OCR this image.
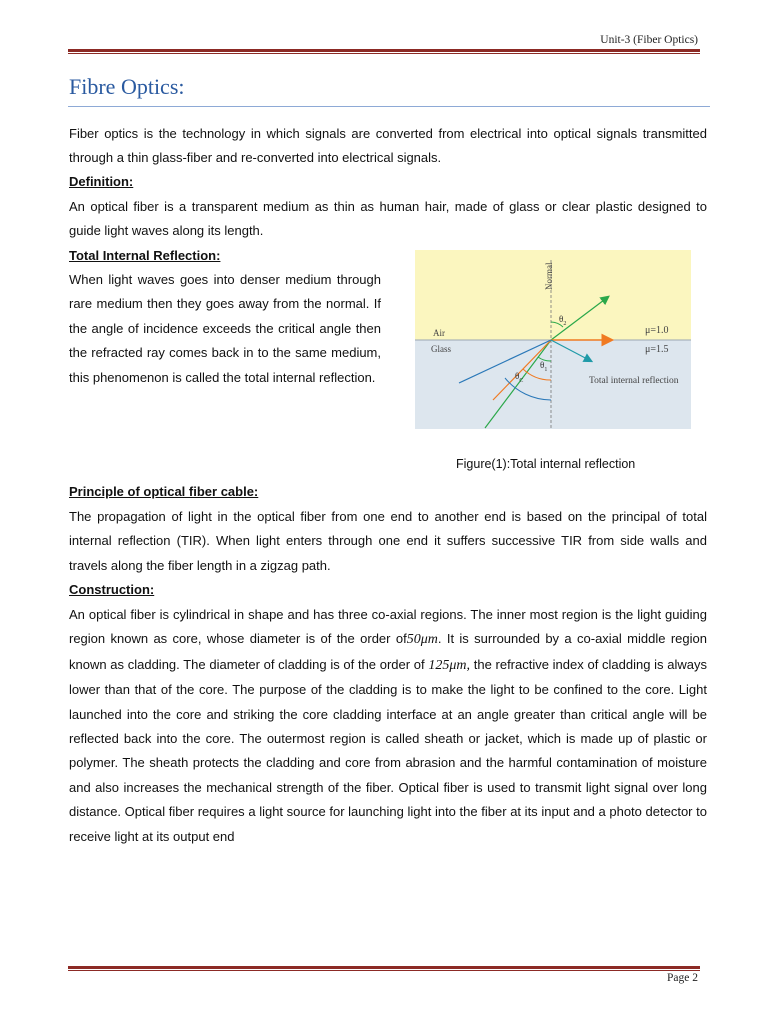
Unit-3 (Fiber Optics)
Fibre Optics:

Fiber optics is the technology in which signals are converted from electrical into optical signals transmitted through a thin glass-fiber and re-converted into electrical signals.

Definition:

An optical fiber is a transparent medium as thin as human hair, made of glass or clear plastic designed to guide light waves along its length.

Total Internal Reflection:

When light waves goes into denser medium through rare medium then they goes away from the normal. If the angle of incidence exceeds the critical angle then the refracted ray comes back in to the same medium, this phenomenon is called the total internal reflection.

Normal
Air
Glass
μ=1.0
μ=1.5
Total internal reflection
$\theta_2$
$\theta_1$
$\theta_C$

Figure(1):Total internal reflection

Principle of optical fiber cable:

The propagation of light in the optical fiber from one end to another end is based on the principal of total internal reflection (TIR). When light enters through one end it suffers successive TIR from side walls and travels along the fiber length in a zigzag path.

Construction:

An optical fiber is cylindrical in shape and has three co-axial regions. The inner most region is the light guiding region known as core, whose diameter is of the order of50μm. It is surrounded by a co-axial middle region known as cladding. The diameter of cladding is of the order of 125μm, the refractive index of cladding is always lower than that of the core. The purpose of the cladding is to make the light to be confined to the core. Light launched into the core and striking the core cladding interface at an angle greater than critical angle will be reflected back into the core. The outermost region is called sheath or jacket, which is made up of plastic or polymer. The sheath protects the cladding and core from abrasion and the harmful contamination of moisture and also increases the mechanical strength of the fiber. Optical fiber is used to transmit light signal over long distance. Optical fiber requires a light source for launching light into the fiber at its input and a photo detector to receive light at its output end

Page 2
